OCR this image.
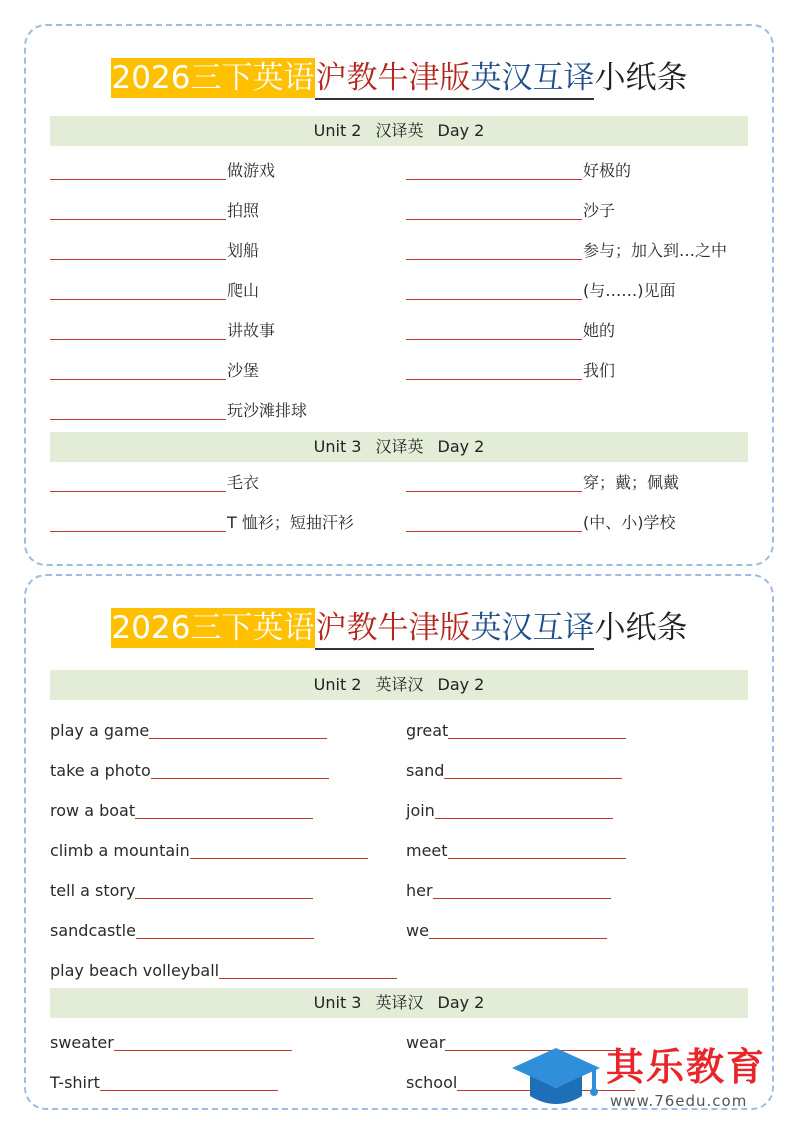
2026三下英语沪教牛津版英汉互译小纸条
Unit 2 汉译英 Day 2
做游戏
拍照
划船
爬山
讲故事
沙堡
玩沙滩排球
好极的
沙子
参与；加入到…之中
(与……)见面
她的
我们
Unit 3 汉译英 Day 2
毛衣
T 恤衫；短抽汗衫
穿；戴；佩戴
(中、小)学校
2026三下英语沪教牛津版英汉互译小纸条
Unit 2 英译汉 Day 2
play a game
take a photo
row a boat
climb a mountain
tell a story
sandcastle
play beach volleyball
great
sand
join
meet
her
we
Unit 3 英译汉 Day 2
sweater
T-shirt
wear
school	其乐教育
www.76edu.com
